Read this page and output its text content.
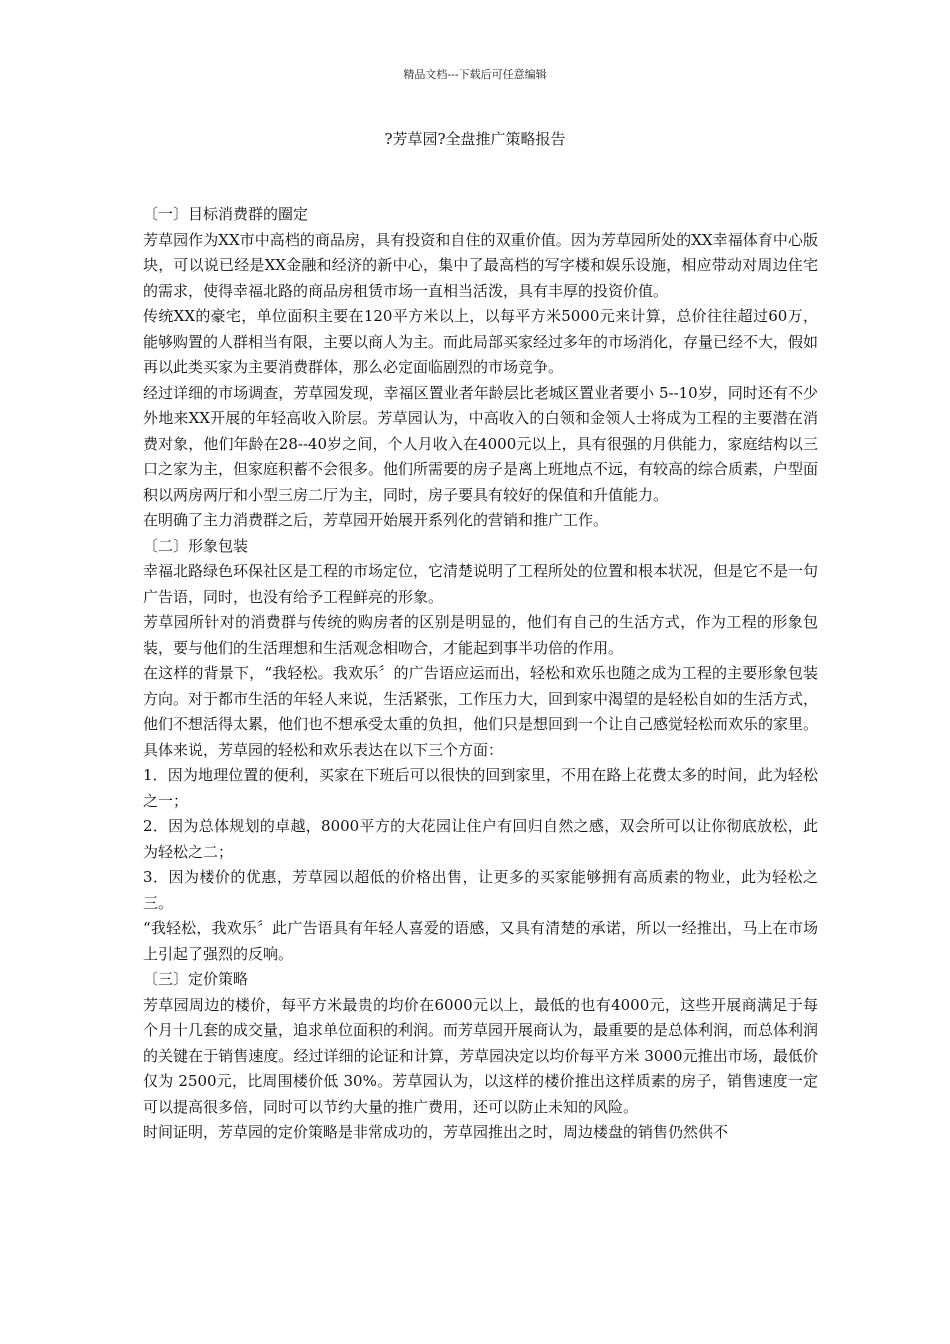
精品文档---下载后可任意编辑
?芳草园?全盘推广策略报告

〔一〕目标消费群的圈定

芳草园作为XX市中高档的商品房，具有投资和自住的双重价值。因为芳草园所处的XX幸福体育中心版块，可以说已经是XX金融和经济的新中心，集中了最高档的写字楼和娱乐设施，相应带动对周边住宅的需求，使得幸福北路的商品房租赁市场一直相当活泼，具有丰厚的投资价值。

传统XX的豪宅，单位面积主要在120平方米以上，以每平方米5000元来计算，总价往往超过60万，能够购置的人群相当有限，主要以商人为主。而此局部买家经过多年的市场消化，存量已经不大，假如再以此类买家为主要消费群体，那么必定面临剧烈的市场竞争。

经过详细的市场调查，芳草园发现，幸福区置业者年龄层比老城区置业者要小 5--10岁，同时还有不少外地来XX开展的年轻高收入阶层。芳草园认为，中高收入的白领和金领人士将成为工程的主要潜在消费对象，他们年龄在28--40岁之间，个人月收入在4000元以上，具有很强的月供能力，家庭结构以三口之家为主，但家庭积蓄不会很多。他们所需要的房子是离上班地点不远，有较高的综合质素，户型面积以两房两厅和小型三房二厅为主，同时，房子要具有较好的保值和升值能力。

在明确了主力消费群之后，芳草园开始展开系列化的营销和推广工作。

〔二〕形象包装

幸福北路绿色环保社区是工程的市场定位，它清楚说明了工程所处的位置和根本状况，但是它不是一句广告语，同时，也没有给予工程鲜亮的形象。

芳草园所针对的消费群与传统的购房者的区别是明显的，他们有自己的生活方式，作为工程的形象包装，要与他们的生活理想和生活观念相吻合，才能起到事半功倍的作用。

在这样的背景下，“我轻松。我欢乐〞的广告语应运而出，轻松和欢乐也随之成为工程的主要形象包装方向。对于都市生活的年轻人来说，生活紧张，工作压力大，回到家中渴望的是轻松自如的生活方式，他们不想活得太累，他们也不想承受太重的负担，他们只是想回到一个让自己感觉轻松而欢乐的家里。

具体来说，芳草园的轻松和欢乐表达在以下三个方面：

1．因为地理位置的便利，买家在下班后可以很快的回到家里，不用在路上花费太多的时间，此为轻松之一；

2．因为总体规划的卓越，8000平方的大花园让住户有回归自然之感，双会所可以让你彻底放松，此为轻松之二；

3．因为楼价的优惠，芳草园以超低的价格出售，让更多的买家能够拥有高质素的物业，此为轻松之三。

“我轻松，我欢乐〞此广告语具有年轻人喜爱的语感，又具有清楚的承诺，所以一经推出，马上在市场上引起了强烈的反响。

〔三〕定价策略

芳草园周边的楼价，每平方米最贵的均价在6000元以上，最低的也有4000元，这些开展商满足于每个月十几套的成交量，追求单位面积的利润。而芳草园开展商认为，最重要的是总体利润，而总体利润的关键在于销售速度。经过详细的论证和计算，芳草园决定以均价每平方米 3000元推出市场，最低价仅为 2500元，比周围楼价低 30%。芳草园认为，以这样的楼价推出这样质素的房子，销售速度一定可以提高很多倍，同时可以节约大量的推广费用，还可以防止未知的风险。

时间证明，芳草园的定价策略是非常成功的，芳草园推出之时，周边楼盘的销售仍然供不
